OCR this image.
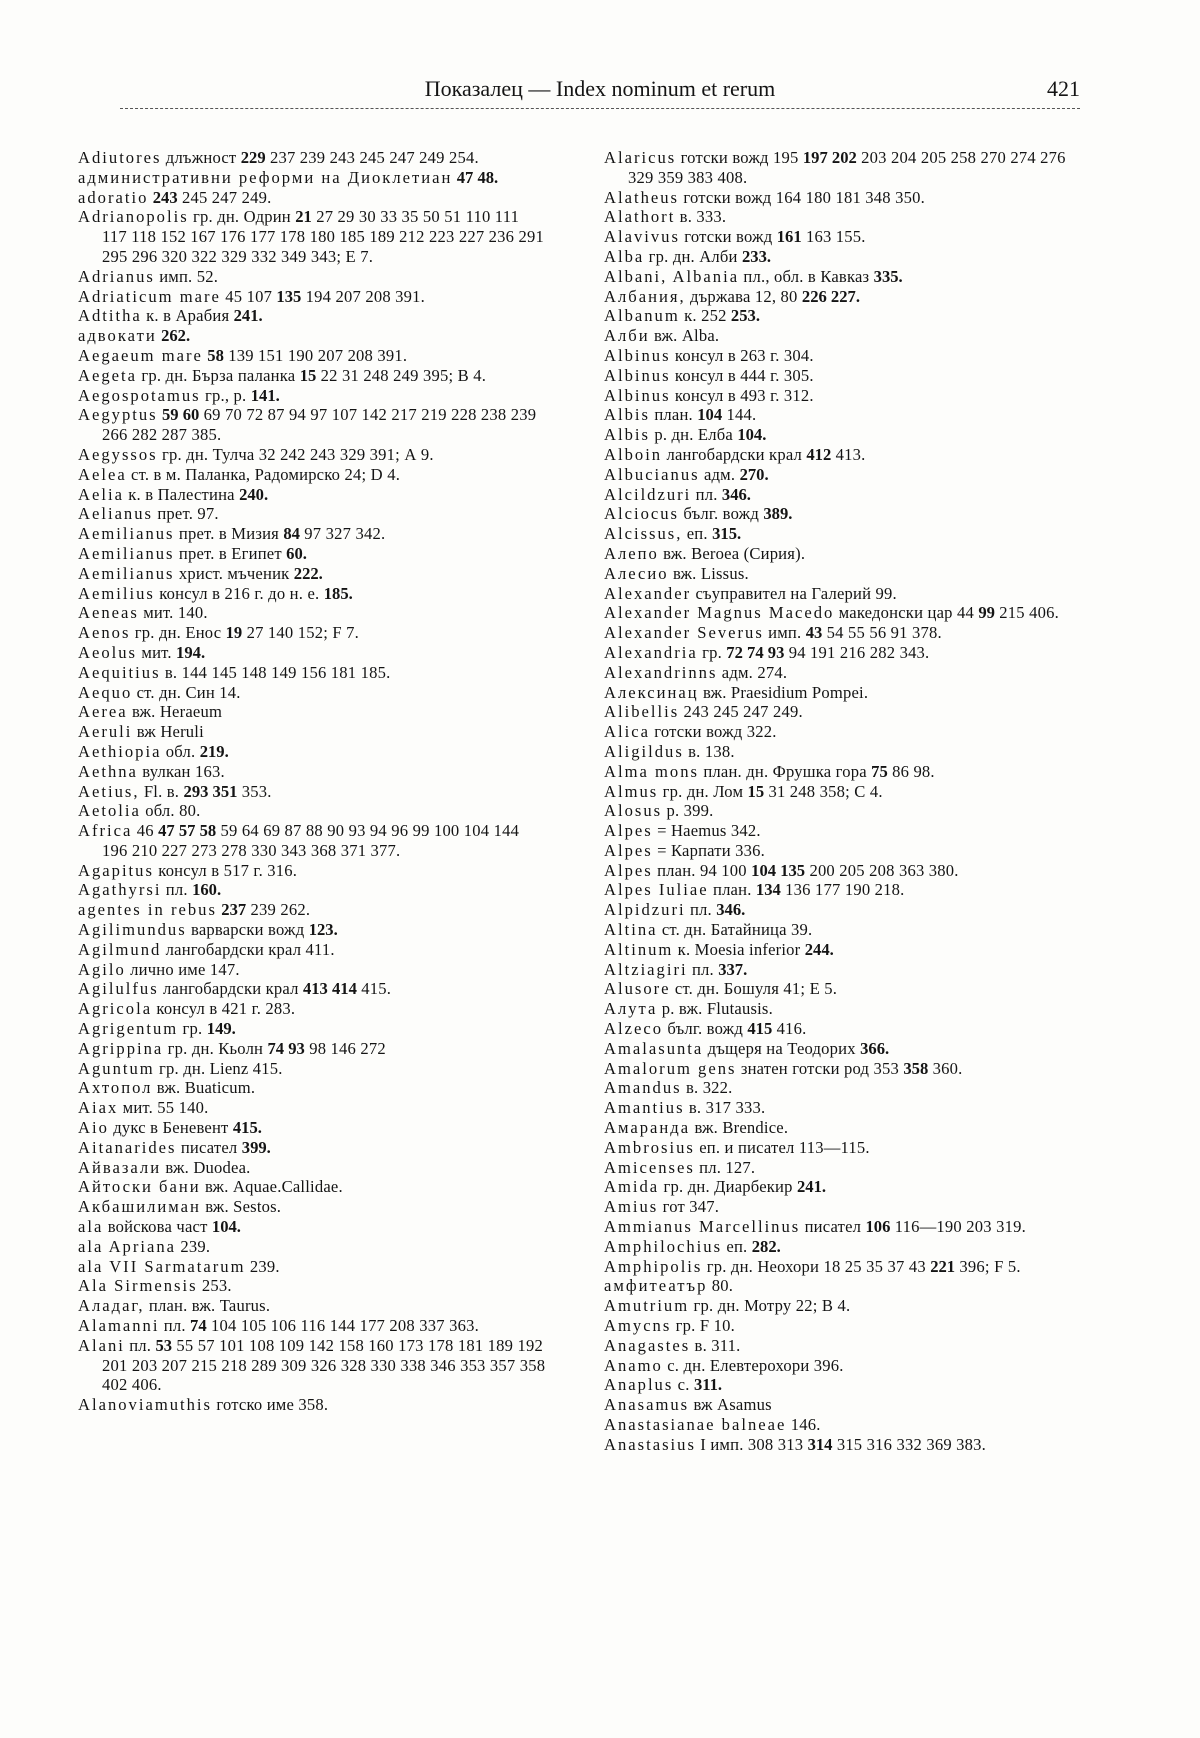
Показалец — Index nominum et rerum	421
Adiutores длъжност 229 237 239 243 245 247 249 254.
административни реформи на Диоклетиан 47 48.
adoratio 243 245 247 249.
Adrianopolis гр. дн. Одрин 21 27 29 30 33 35 50 51 110 111 117 118 152 167 176 177 178 180 185 189 212 223 227 236 291 295 296 320 322 329 332 349 343; Е 7.
Adrianus имп. 52.
Adriaticum mare 45 107 135 194 207 208 391.
Adtitha к. в Арабия 241.
адвокати 262.
Aegaeum mare 58 139 151 190 207 208 391.
Aegeta гр. дн. Бърза паланка 15 22 31 248 249 395; В 4.
Aegospotamus гр., р. 141.
Aegyptus 59 60 69 70 72 87 94 97 107 142 217 219 228 238 239 266 282 287 385.
Aegyssos гр. дн. Тулча 32 242 243 329 391; А 9.
Aelea ст. в м. Паланка, Радомирско 24; D 4.
Aelia к. в Палестина 240.
Aelianus прет. 97.
Aemilianus прет. в Мизия 84 97 327 342.
Aemilianus прет. в Египет 60.
Aemilianus христ. мъченик 222.
Aemilius консул в 216 г. до н. е. 185.
Aeneas мит. 140.
Aenos гр. дн. Енос 19 27 140 152; F 7.
Aeolus мит. 194.
Aequitius в. 144 145 148 149 156 181 185.
Aequo ст. дн. Син 14.
Aerea вж. Heraeum
Aeruli вж Heruli
Aethiopia обл. 219.
Aethna вулкан 163.
Aetius, Fl. в. 293 351 353.
Aetolia обл. 80.
Africa 46 47 57 58 59 64 69 87 88 90 93 94 96 99 100 104 144 196 210 227 273 278 330 343 368 371 377.
Agapitus консул в 517 г. 316.
Agathyrsi пл. 160.
agentes in rebus 237 239 262.
Agilimundus варварски вожд 123.
Agilmund лангобардски крал 411.
Agilo лично име 147.
Agilulfus лангобардски крал 413 414 415.
Agricola консул в 421 г. 283.
Agrigentum гр. 149.
Agrippina гр. дн. Кьолн 74 93 98 146 272
Aguntum гр. дн. Lienz 415.
Ахтопол вж. Buaticum.
Aiax мит. 55 140.
Aio дукс в Беневент 415.
Aitanarides писател 399.
Айвазали вж. Duodea.
Айтоски бани вж. Aquae.Callidae.
Акбашилиман вж. Sestos.
ala войскова част 104.
ala Apriana 239.
ala VII Sarmatarum 239.
Ala Sirmensis 253.
Аладаг, план. вж. Taurus.
Alamanni пл. 74 104 105 106 116 144 177 208 337 363.
Alani пл. 53 55 57 101 108 109 142 158 160 173 178 181 189 192 201 203 207 215 218 289 309 326 328 330 338 346 353 357 358 402 406.
Alanoviamuthis готско име 358.
Alaricus готски вожд 195 197 202 203 204 205 258 270 274 276 329 359 383 408.
Alatheus готски вожд 164 180 181 348 350.
Alathort в. 333.
Alavivus готски вожд 161 163 155.
Alba гр. дн. Алби 233.
Albani, Albania пл., обл. в Кавказ 335.
Албания, държава 12, 80 226 227.
Albanum к. 252 253.
Алби вж. Alba.
Albinus консул в 263 г. 304.
Albinus консул в 444 г. 305.
Albinus консул в 493 г. 312.
Albis план. 104 144.
Albis р. дн. Елба 104.
Alboin лангобардски крал 412 413.
Albucianus адм. 270.
Alcildzuri пл. 346.
Alciocus бълг. вожд 389.
Alcissus, еп. 315.
Алепо вж. Beroea (Сирия).
Алесио вж. Lissus.
Alexander съуправител на Галерий 99.
Alexander Magnus Macedo македонски цар 44 99 215 406.
Alexander Severus имп. 43 54 55 56 91 378.
Alexandria гр. 72 74 93 94 191 216 282 343.
Alexandrinns адм. 274.
Алексинац вж. Praesidium Pompei.
Alibellis 243 245 247 249.
Alica готски вожд 322.
Aligildus в. 138.
Alma mons план. дн. Фрушка гора 75 86 98.
Almus гр. дн. Лом 15 31 248 358; С 4.
Alosus р. 399.
Alpes = Haemus 342.
Alpes = Карпати 336.
Alpes план. 94 100 104 135 200 205 208 363 380.
Alpes Iuliae план. 134 136 177 190 218.
Alpidzuri пл. 346.
Altina ст. дн. Батайница 39.
Altinum к. Moesia inferior 244.
Altziagiri пл. 337.
Alusore ст. дн. Бошуля 41; Е 5.
Алута р. вж. Flutausis.
Alzeco бълг. вожд 415 416.
Amalasunta дъщеря на Теодорих 366.
Amalorum gens знатен готски род 353 358 360.
Amandus в. 322.
Amantius в. 317 333.
Амаранда вж. Brendice.
Ambrosius еп. и писател 113—115.
Amicenses пл. 127.
Amida гр. дн. Диарбекир 241.
Amius гот 347.
Ammianus Marcellinus писател 106 116—190 203 319.
Amphilochius еп. 282.
Amphipolis гр. дн. Неохори 18 25 35 37 43 221 396; F 5.
амфитеатър 80.
Amutrium гр. дн. Мотру 22; В 4.
Amycns гр. F 10.
Anagastes в. 311.
Anamo с. дн. Елевтерохори 396.
Anaplus с. 311.
Anasamus вж Asamus
Anastasianae balneae 146.
Anastasius I имп. 308 313 314 315 316 332 369 383.
